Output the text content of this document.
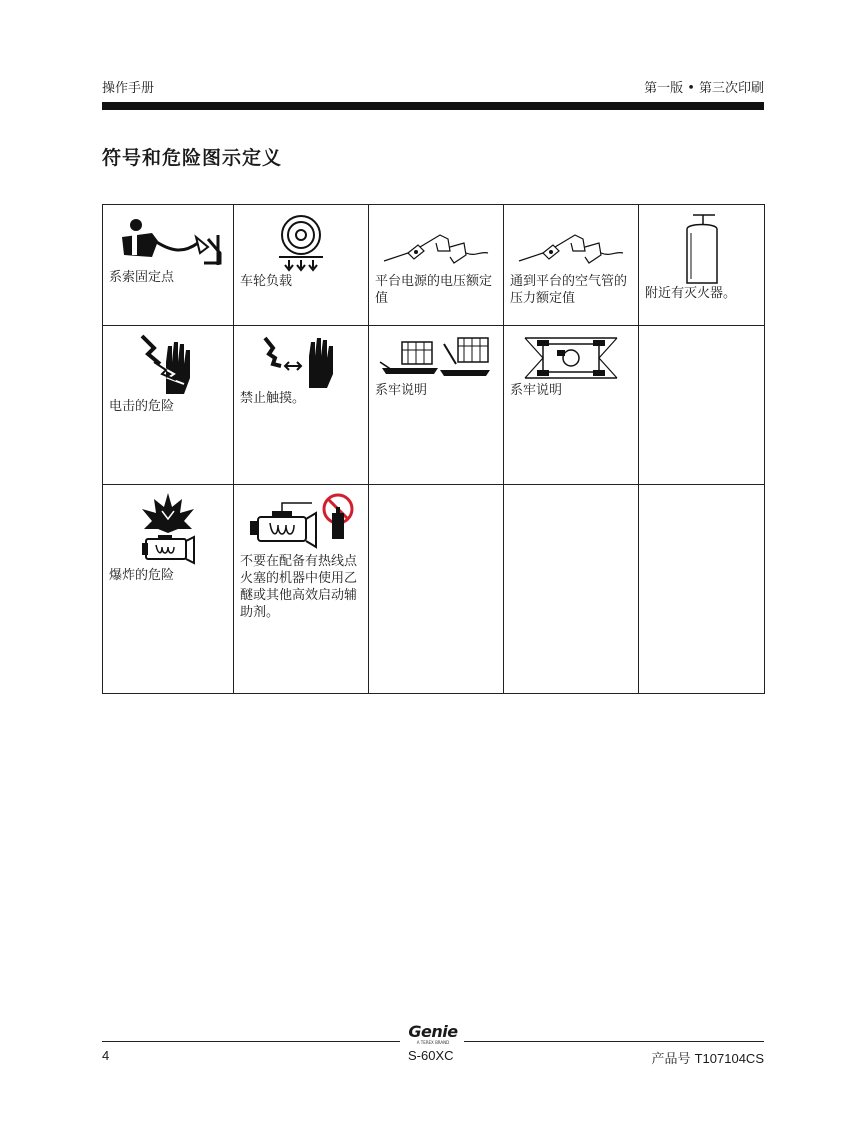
操作手册	第一版 • 第三次印刷
符号和危险图示定义
系索固定点	车轮负载	平台电源的电压额定值	通到平台的空气管的压力额定值	附近有灭火器。

电击的危险	禁止触摸。	系牢说明	系牢说明	

爆炸的危险	不要在配备有热线点火塞的机器中使用乙醚或其他高效启动辅助剂。			

Genie
A TEREX BRAND
4	S-60XC	产品号 T107104CS
